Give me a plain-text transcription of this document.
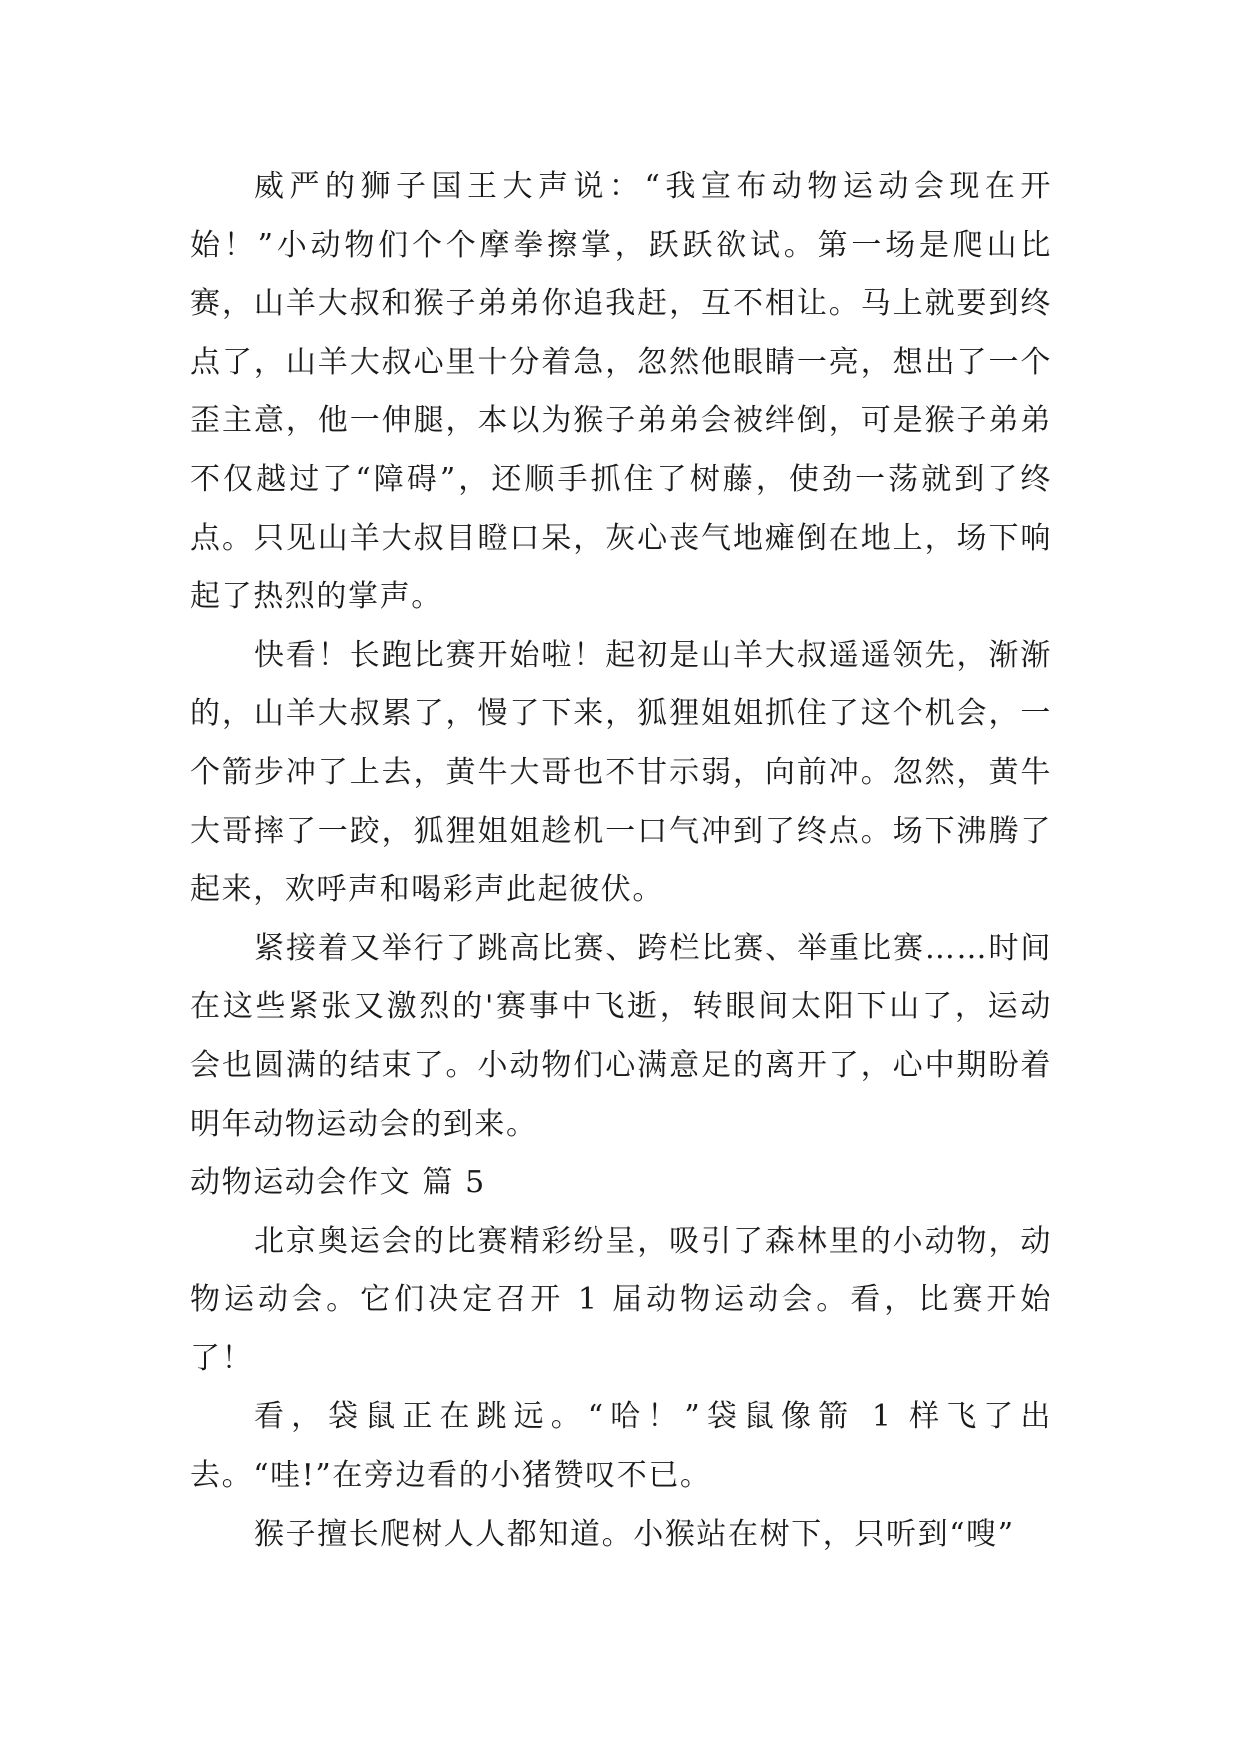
威严的狮子国王大声说：“我宣布动物运动会现在开始！”小动物们个个摩拳擦掌，跃跃欲试。第一场是爬山比赛，山羊大叔和猴子弟弟你追我赶，互不相让。马上就要到终点了，山羊大叔心里十分着急，忽然他眼睛一亮，想出了一个歪主意，他一伸腿，本以为猴子弟弟会被绊倒，可是猴子弟弟不仅越过了“障碍”，还顺手抓住了树藤，使劲一荡就到了终点。只见山羊大叔目瞪口呆，灰心丧气地瘫倒在地上，场下响起了热烈的掌声。

快看！长跑比赛开始啦！起初是山羊大叔遥遥领先，渐渐的，山羊大叔累了，慢了下来，狐狸姐姐抓住了这个机会，一个箭步冲了上去，黄牛大哥也不甘示弱，向前冲。忽然，黄牛大哥摔了一跤，狐狸姐姐趁机一口气冲到了终点。场下沸腾了起来，欢呼声和喝彩声此起彼伏。

紧接着又举行了跳高比赛、跨栏比赛、举重比赛……时间在这些紧张又激烈的'赛事中飞逝，转眼间太阳下山了，运动会也圆满的结束了。小动物们心满意足的离开了，心中期盼着明年动物运动会的到来。

动物运动会作文 篇 5

北京奥运会的比赛精彩纷呈，吸引了森林里的小动物，动物运动会。它们决定召开 1 届动物运动会。看，比赛开始了！

看，袋鼠正在跳远。“哈！”袋鼠像箭 1 样飞了出去。“哇!”在旁边看的小猪赞叹不已。

猴子擅长爬树人人都知道。小猴站在树下，只听到“嗖”
